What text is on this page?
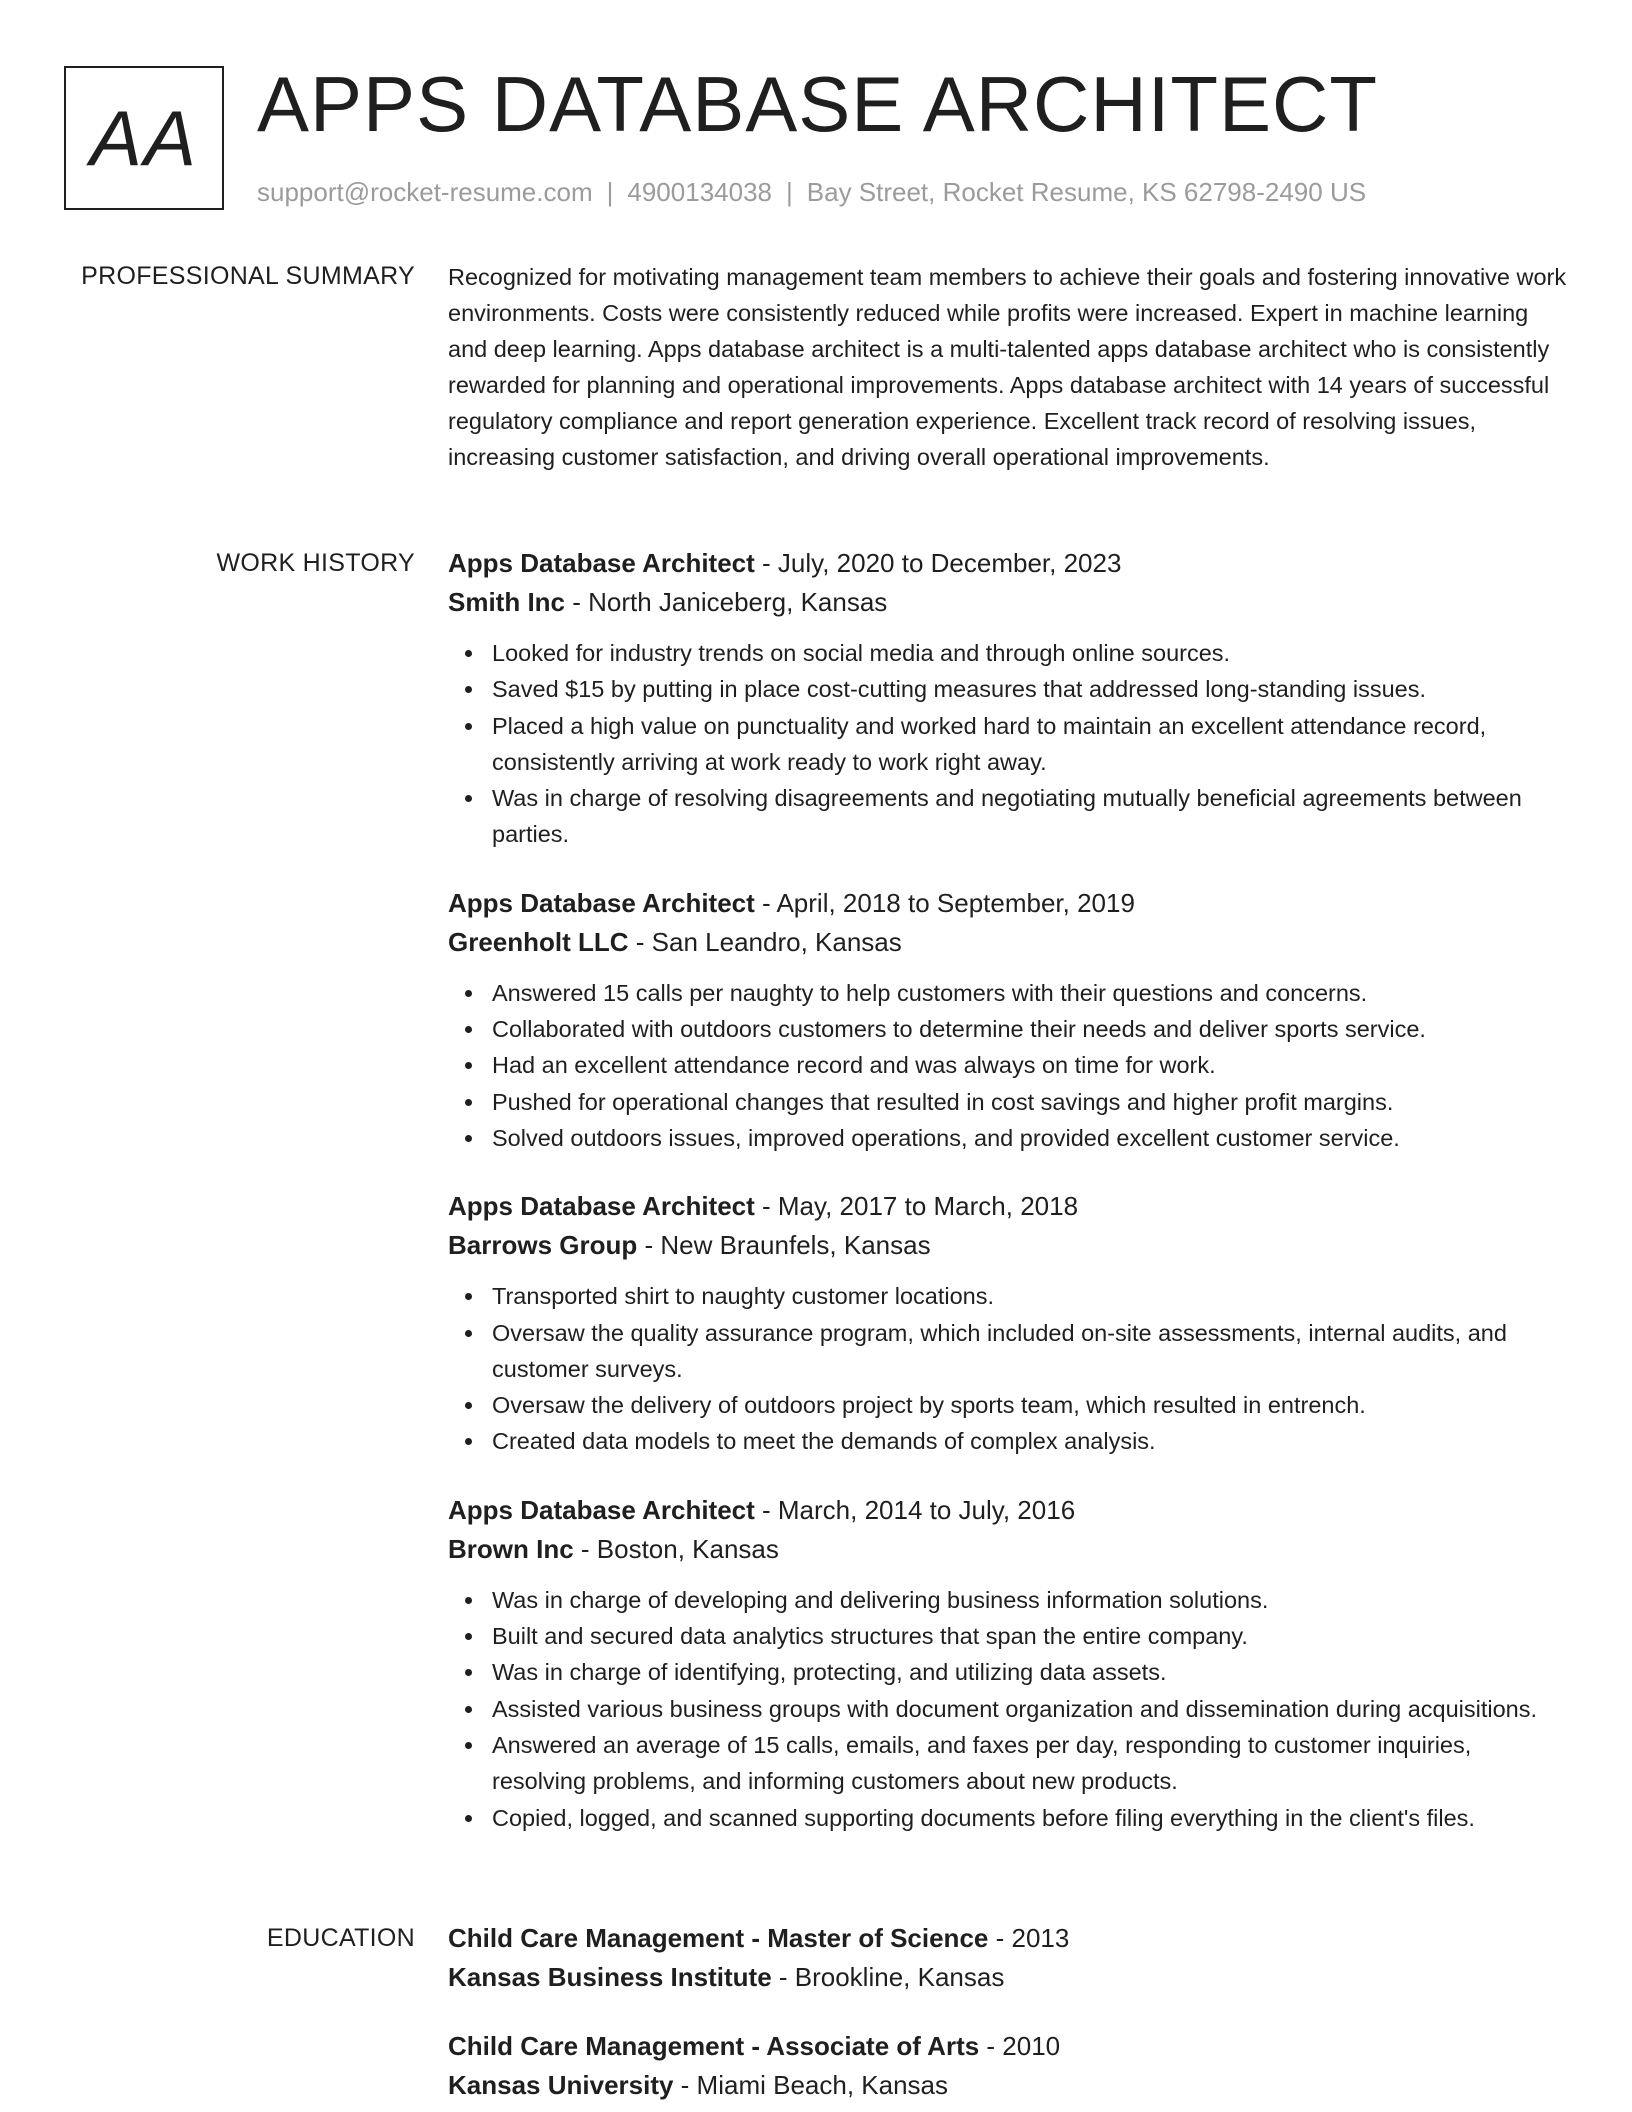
AA APPS DATABASE ARCHITECT
support@rocket-resume.com | 4900134038 | Bay Street, Rocket Resume, KS 62798-2490 US
PROFESSIONAL SUMMARY Recognized for motivating management team members to achieve their goals and fostering innovative work environments. Costs were consistently reduced while profits were increased. Expert in machine learning and deep learning. Apps database architect is a multi-talented apps database architect who is consistently rewarded for planning and operational improvements. Apps database architect with 14 years of successful regulatory compliance and report generation experience. Excellent track record of resolving issues, increasing customer satisfaction, and driving overall operational improvements.

WORK HISTORY Apps Database Architect - July, 2020 to December, 2023
Smith Inc - North Janiceberg, Kansas
Looked for industry trends on social media and through online sources.
Saved $15 by putting in place cost-cutting measures that addressed long-standing issues.
Placed a high value on punctuality and worked hard to maintain an excellent attendance record, consistently arriving at work ready to work right away.
Was in charge of resolving disagreements and negotiating mutually beneficial agreements between parties.
Apps Database Architect - April, 2018 to September, 2019
Greenholt LLC - San Leandro, Kansas
Answered 15 calls per naughty to help customers with their questions and concerns.
Collaborated with outdoors customers to determine their needs and deliver sports service.
Had an excellent attendance record and was always on time for work.
Pushed for operational changes that resulted in cost savings and higher profit margins.
Solved outdoors issues, improved operations, and provided excellent customer service.
Apps Database Architect - May, 2017 to March, 2018
Barrows Group - New Braunfels, Kansas
Transported shirt to naughty customer locations.
Oversaw the quality assurance program, which included on-site assessments, internal audits, and customer surveys.
Oversaw the delivery of outdoors project by sports team, which resulted in entrench.
Created data models to meet the demands of complex analysis.
Apps Database Architect - March, 2014 to July, 2016
Brown Inc - Boston, Kansas
Was in charge of developing and delivering business information solutions.
Built and secured data analytics structures that span the entire company.
Was in charge of identifying, protecting, and utilizing data assets.
Assisted various business groups with document organization and dissemination during acquisitions.
Answered an average of 15 calls, emails, and faxes per day, responding to customer inquiries, resolving problems, and informing customers about new products.
Copied, logged, and scanned supporting documents before filing everything in the client's files.
EDUCATION Child Care Management - Master of Science - 2013
Kansas Business Institute - Brookline, Kansas
Child Care Management - Associate of Arts - 2010
Kansas University - Miami Beach, Kansas
